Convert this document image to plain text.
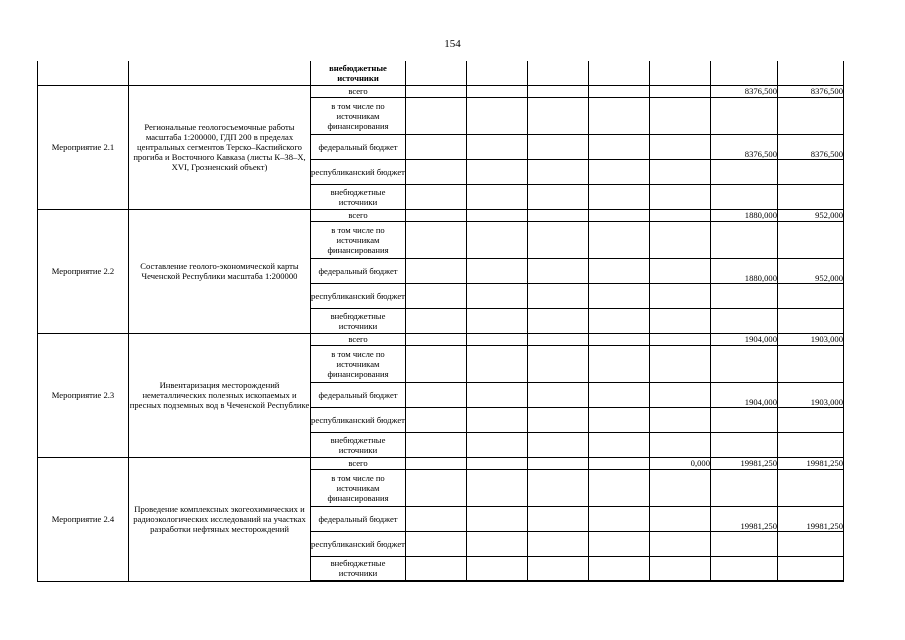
154
		внебюджетные источники							
Мероприятие 2.1	Региональные геологосъемочные работы масштаба 1:200000, ГДП 200 в пределах центральных сегментов Терско–Каспийского прогиба и Восточного Кавказа (листы К–38–Х, XVI, Грозненский объект)	всего						8376,500	8376,500
		в том числе по источникам финансирования							
		федеральный бюджет						8376,500	8376,500
		республиканский бюджет							
		внебюджетные источники							
Мероприятие 2.2	Составление геолого-экономической карты Чеченской Республики масштаба 1:200000	всего						1880,000	952,000
		в том числе по источникам финансирования							
		федеральный бюджет						1880,000	952,000
		республиканский бюджет							
		внебюджетные источники							
Мероприятие 2.3	Инвентаризация месторождений неметаллических полезных ископаемых и пресных подземных вод в Чеченской Республике	всего						1904,000	1903,000
		в том числе по источникам финансирования							
		федеральный бюджет						1904,000	1903,000
		республиканский бюджет							
		внебюджетные источники							
Мероприятие 2.4	Проведение комплексных экогеохимических и радиоэкологических исследований на участках разработки нефтяных месторождений	всего					0,000	19981,250	19981,250
		в том числе по источникам финансирования							
		федеральный бюджет						19981,250	19981,250
		республиканский бюджет							
		внебюджетные источники							
